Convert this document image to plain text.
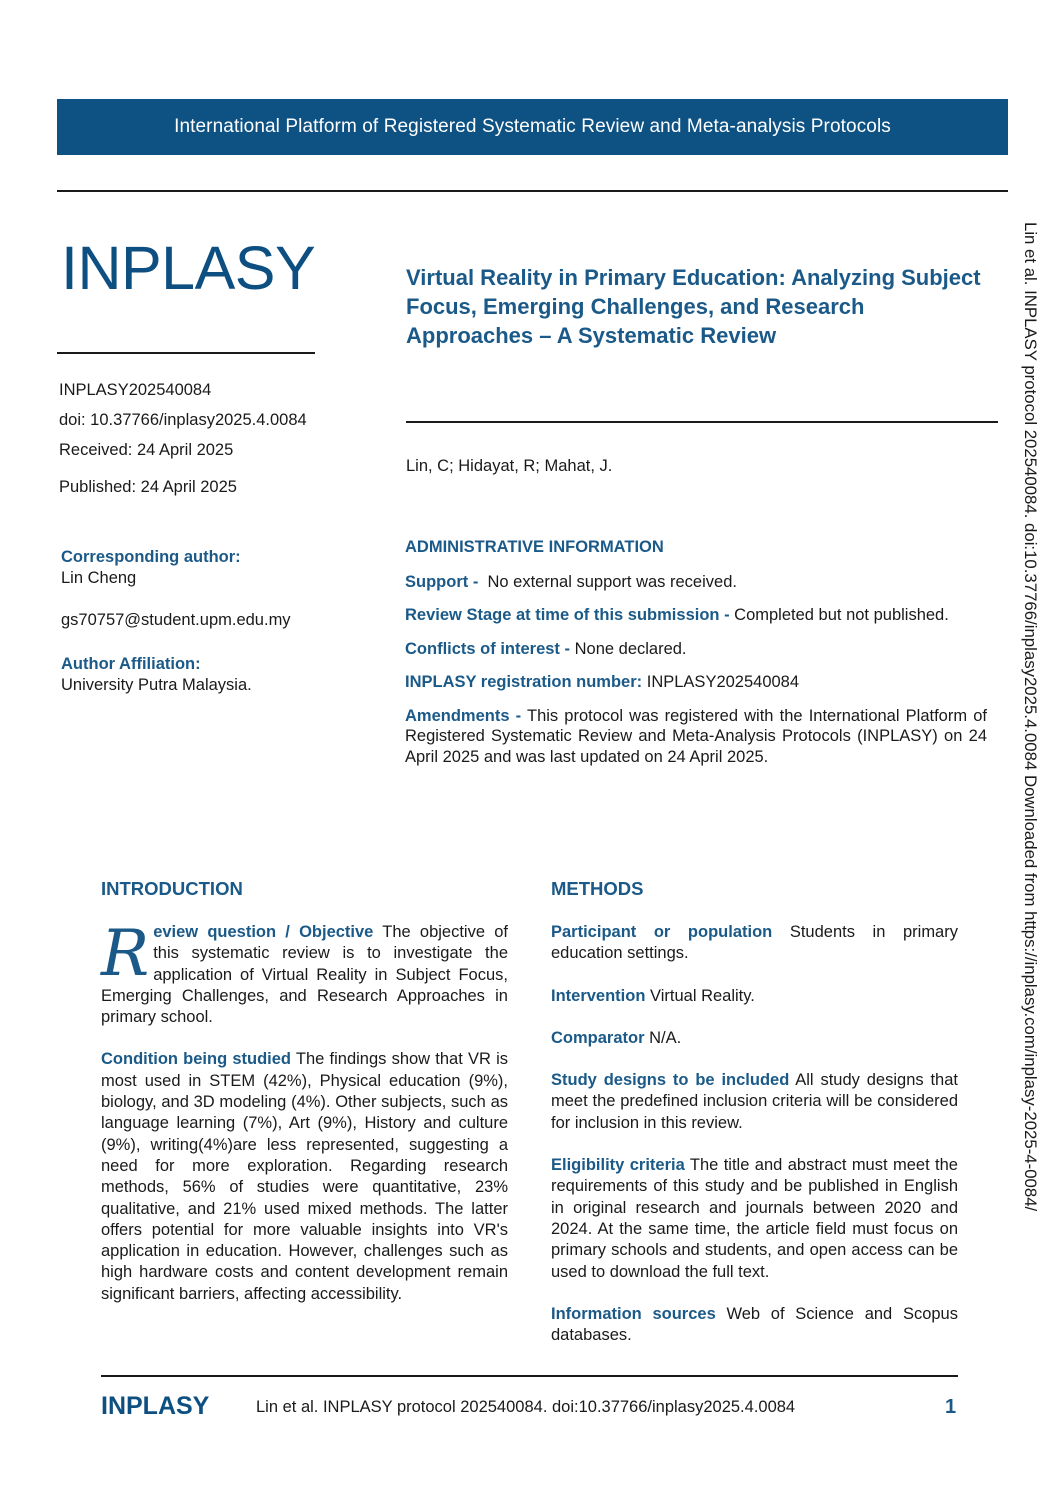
International Platform of Registered Systematic Review and Meta-analysis Protocols
INPLASY	Virtual Reality in Primary Education: Analyzing Subject Focus, Emerging Challenges, and Research Approaches – A Systematic Review
INPLASY202540084
doi: 10.37766/inplasy2025.4.0084
Received: 24 April 2025
Published: 24 April 2025
Lin, C; Hidayat, R; Mahat, J.
Corresponding author:
Lin Cheng
gs70757@student.upm.edu.my
Author Affiliation:
University Putra Malaysia.
ADMINISTRATIVE INFORMATION

Support - No external support was received.

Review Stage at time of this submission - Completed but not published.

Conflicts of interest - None declared.

INPLASY registration number: INPLASY202540084

Amendments - This protocol was registered with the International Platform of Registered Systematic Review and Meta-Analysis Protocols (INPLASY) on 24 April 2025 and was last updated on 24 April 2025.

INTRODUCTION	METHODS

Review question / Objective The objective of this systematic review is to investigate the application of Virtual Reality in Subject Focus, Emerging Challenges, and Research Approaches in primary school.

Condition being studied The findings show that VR is most used in STEM (42%), Physical education (9%), biology, and 3D modeling (4%). Other subjects, such as language learning (7%), Art (9%), History and culture (9%), writing(4%)are less represented, suggesting a need for more exploration. Regarding research methods, 56% of studies were quantitative, 23% qualitative, and 21% used mixed methods. The latter offers potential for more valuable insights into VR's application in education. However, challenges such as high hardware costs and content development remain significant barriers, affecting accessibility.

Participant or population Students in primary education settings.

Intervention Virtual Reality.

Comparator N/A.

Study designs to be included All study designs that meet the predefined inclusion criteria will be considered for inclusion in this review.

Eligibility criteria The title and abstract must meet the requirements of this study and be published in English in original research and journals between 2020 and 2024. At the same time, the article field must focus on primary schools and students, and open access can be used to download the full text.

Information sources Web of Science and Scopus databases.

Lin et al. INPLASY protocol 202540084. doi:10.37766/inplasy2025.4.0084 Downloaded from https://inplasy.com/inplasy-2025-4-0084/
INPLASY	Lin et al. INPLASY protocol 202540084. doi:10.37766/inplasy2025.4.0084	1
